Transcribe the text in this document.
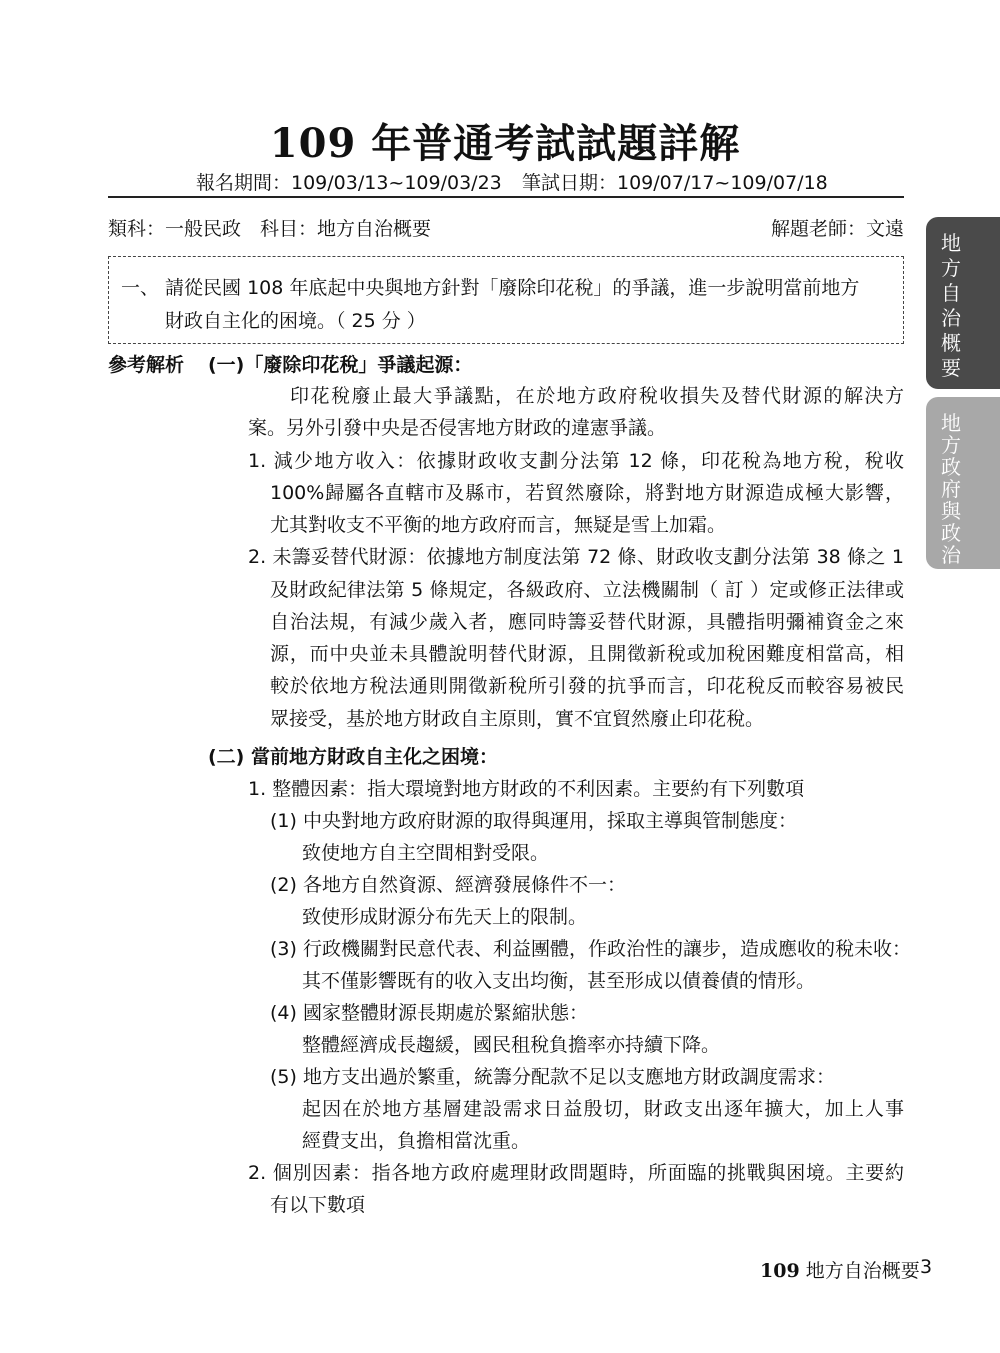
109 年普通考試試題詳解
報名期間：109/03/13~109/03/23 筆試日期：109/07/17~109/07/18
類科：一般民政　科目：地方自治概要	解題老師：文遠
一、 請從民國 108 年底起中央與地方針對「廢除印花稅」的爭議，進一步說明當前地方
財政自主化的困境。（ 25 分 ）
參考解析 (一)「廢除印花稅」爭議起源：
印花稅廢止最大爭議點，在於地方政府稅收損失及替代財源的解決方
案。另外引發中央是否侵害地方財政的違憲爭議。
1. 減少地方收入：依據財政收支劃分法第 12 條，印花稅為地方稅，稅收
100%歸屬各直轄市及縣市，若貿然廢除，將對地方財源造成極大影響，
尤其對收支不平衡的地方政府而言，無疑是雪上加霜。
2. 未籌妥替代財源：依據地方制度法第 72 條、財政收支劃分法第 38 條之 1
及財政紀律法第 5 條規定，各級政府、立法機關制（ 訂 ）定或修正法律或
自治法規，有減少歲入者，應同時籌妥替代財源，具體指明彌補資金之來
源，而中央並未具體說明替代財源，且開徵新稅或加稅困難度相當高，相
較於依地方稅法通則開徵新稅所引發的抗爭而言，印花稅反而較容易被民
眾接受，基於地方財政自主原則，實不宜貿然廢止印花稅。
(二) 當前地方財政自主化之困境：
1. 整體因素：指大環境對地方財政的不利因素。主要約有下列數項
(1) 中央對地方政府財源的取得與運用，採取主導與管制態度：
致使地方自主空間相對受限。
(2) 各地方自然資源、經濟發展條件不一：
致使形成財源分布先天上的限制。
(3) 行政機關對民意代表、利益團體，作政治性的讓步，造成應收的稅未收：
其不僅影響既有的收入支出均衡，甚至形成以債養債的情形。
(4) 國家整體財源長期處於緊縮狀態：
整體經濟成長趨緩，國民租稅負擔率亦持續下降。
(5) 地方支出過於繁重，統籌分配款不足以支應地方財政調度需求：
起因在於地方基層建設需求日益殷切，財政支出逐年擴大，加上人事
經費支出，負擔相當沈重。
2. 個別因素：指各地方政府處理財政問題時，所面臨的挑戰與困境。主要約
有以下數項
地
方
自
治
概
要
地
方
政
府
與
政
治
109 地方自治概要 3
